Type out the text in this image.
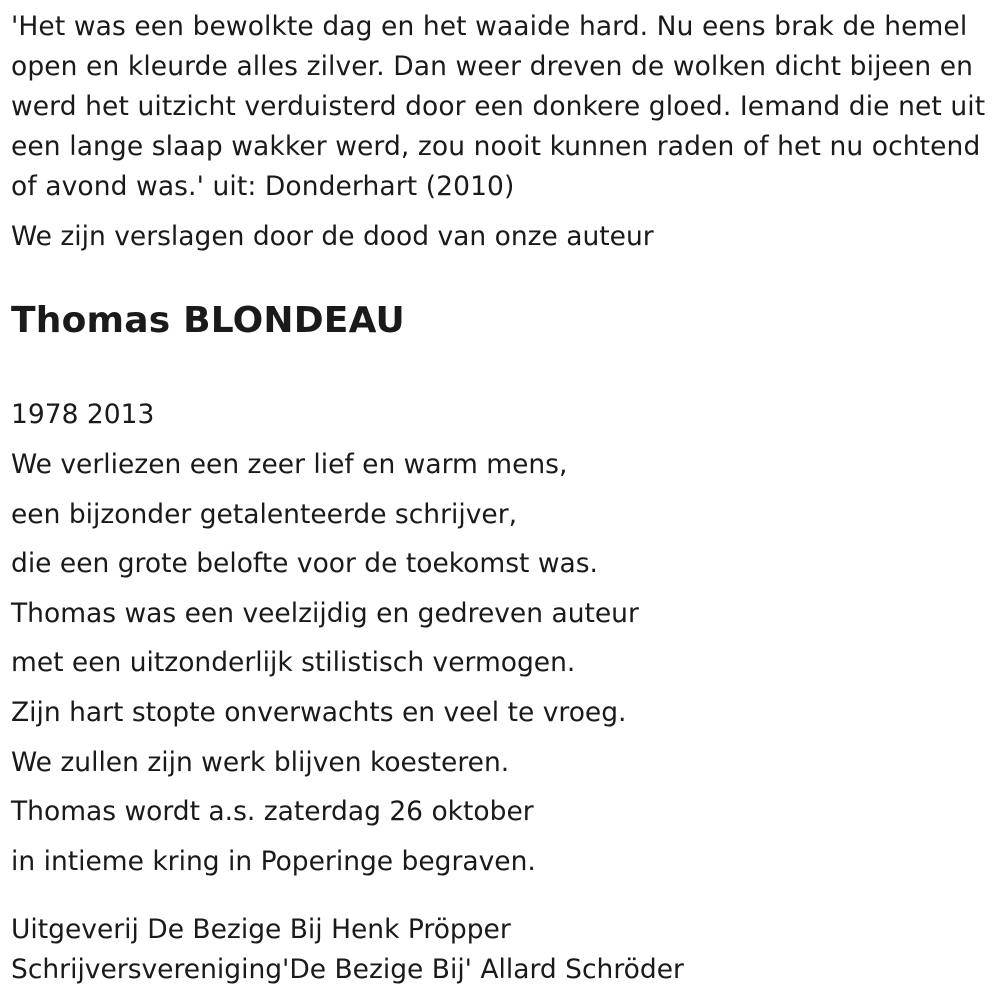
'Het was een bewolkte dag en het waaide hard. Nu eens brak de hemel open en kleurde alles zilver. Dan weer dreven de wolken dicht bijeen en werd het uitzicht verduisterd door een donkere gloed. Iemand die net uit een lange slaap wakker werd, zou nooit kunnen raden of het nu ochtend of avond was.' uit: Donderhart (2010)

We zijn verslagen door de dood van onze auteur

Thomas BLONDEAU

1978 2013

We verliezen een zeer lief en warm mens,
een bijzonder getalenteerde schrijver,
die een grote belofte voor de toekomst was.
Thomas was een veelzijdig en gedreven auteur
met een uitzonderlijk stilistisch vermogen.
Zijn hart stopte onverwachts en veel te vroeg.
We zullen zijn werk blijven koesteren.
Thomas wordt a.s. zaterdag 26 oktober
in intieme kring in Poperinge begraven.
Uitgeverij De Bezige Bij Henk Pröpper
Schrijversvereniging'De Bezige Bij' Allard Schröder
